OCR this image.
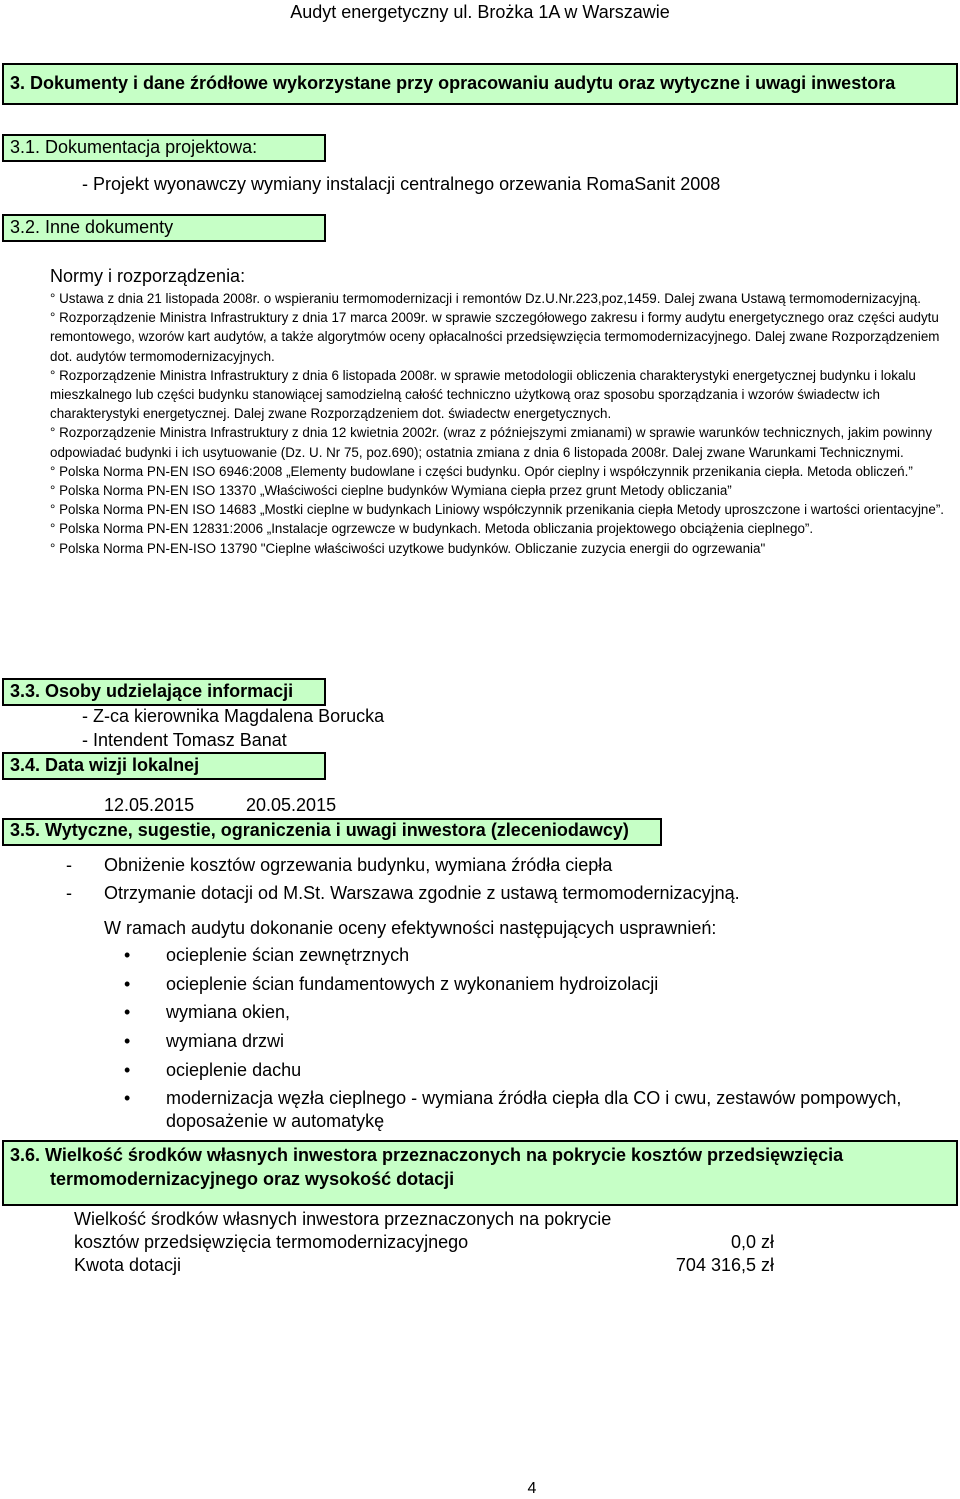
Audyt energetyczny ul. Brożka 1A w Warszawie
3. Dokumenty i dane źródłowe wykorzystane przy opracowaniu audytu oraz wytyczne i uwagi inwestora
3.1. Dokumentacja projektowa:
- Projekt wyonawczy wymiany instalacji centralnego orzewania RomaSanit 2008
3.2. Inne dokumenty
Normy i rozporządzenia:

° Ustawa z dnia 21 listopada 2008r. o wspieraniu termomodernizacji i remontów Dz.U.Nr.223,poz,1459. Dalej zwana Ustawą termomodernizacyjną.

° Rozporządzenie Ministra Infrastruktury z dnia 17 marca 2009r. w sprawie szczegółowego zakresu i formy audytu energetycznego oraz części audytu remontowego, wzorów kart audytów, a także algorytmów oceny opłacalności przedsięwzięcia termomodernizacyjnego. Dalej zwane Rozporządzeniem dot. audytów termomodernizacyjnych.

° Rozporządzenie Ministra Infrastruktury z dnia 6 listopada 2008r. w sprawie metodologii obliczenia charakterystyki energetycznej budynku i lokalu mieszkalnego lub części budynku stanowiącej samodzielną całość techniczno użytkową oraz sposobu sporządzania i wzorów świadectw ich charakterystyki energetycznej. Dalej zwane Rozporządzeniem dot. świadectw energetycznych.

° Rozporządzenie Ministra Infrastruktury z dnia 12 kwietnia 2002r. (wraz z późniejszymi zmianami) w sprawie warunków technicznych, jakim powinny odpowiadać budynki i ich usytuowanie (Dz. U. Nr 75, poz.690); ostatnia zmiana z dnia 6 listopada 2008r. Dalej zwane Warunkami Technicznymi.

° Polska Norma PN-EN ISO 6946:2008 „Elementy budowlane i części budynku. Opór cieplny i współczynnik przenikania ciepła. Metoda obliczeń.”

° Polska Norma PN-EN ISO 13370 „Właściwości cieplne budynków Wymiana ciepła przez grunt Metody obliczania”

° Polska Norma PN-EN ISO 14683 „Mostki cieplne w budynkach Liniowy współczynnik przenikania ciepła Metody uproszczone i wartości orientacyjne”.

° Polska Norma PN-EN 12831:2006 „Instalacje ogrzewcze w budynkach. Metoda obliczania projektowego obciążenia cieplnego”.

° Polska Norma PN-EN-ISO 13790 "Cieplne właściwości uzytkowe budynków. Obliczanie zuzycia energii do ogrzewania"

3.3. Osoby udzielające informacji
- Z-ca kierownika Magdalena Borucka
- Intendent Tomasz Banat
3.4. Data wizji lokalnej
12.05.2015	20.05.2015
3.5. Wytyczne, sugestie, ograniczenia i uwagi inwestora (zleceniodawcy)
- Obniżenie kosztów ogrzewania budynku, wymiana źródła ciepła
- Otrzymanie dotacji od M.St. Warszawa zgodnie z ustawą termomodernizacyjną.
W ramach audytu dokonanie oceny efektywności następujących usprawnień:
• ocieplenie ścian zewnętrznych
• ocieplenie ścian fundamentowych z wykonaniem hydroizolacji
• wymiana okien,
• wymiana drzwi
• ocieplenie dachu
• modernizacja węzła cieplnego - wymiana źródła ciepła dla CO i cwu, zestawów pompowych, doposażenie w automatykę
3.6. Wielkość środków własnych inwestora przeznaczonych na pokrycie kosztów przedsięwzięcia
termomodernizacyjnego oraz wysokość dotacji
Wielkość środków własnych inwestora przeznaczonych na pokrycie
kosztów przedsięwzięcia termomodernizacyjnego	0,0 zł
Kwota dotacji	704 316,5 zł
4
